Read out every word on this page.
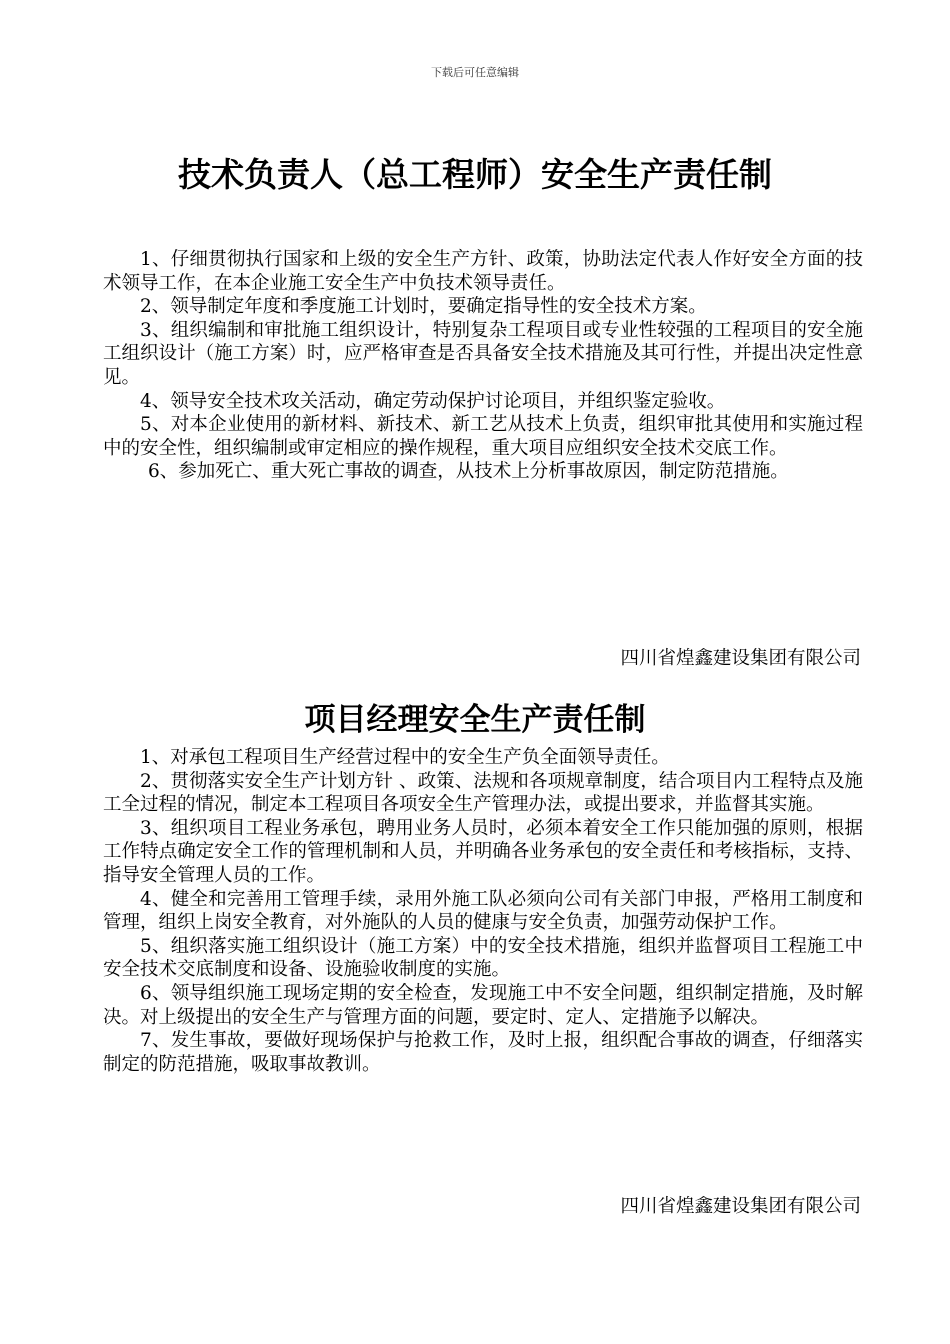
下载后可任意编辑
技术负责人（总工程师）安全生产责任制

1、仔细贯彻执行国家和上级的安全生产方针、政策，协助法定代表人作好安全方面的技术领导工作，在本企业施工安全生产中负技术领导责任。

2、领导制定年度和季度施工计划时，要确定指导性的安全技术方案。

3、组织编制和审批施工组织设计，特别复杂工程项目或专业性较强的工程项目的安全施工组织设计（施工方案）时，应严格审查是否具备安全技术措施及其可行性，并提出决定性意见。

4、领导安全技术攻关活动，确定劳动保护讨论项目，并组织鉴定验收。

5、对本企业使用的新材料、新技术、新工艺从技术上负责，组织审批其使用和实施过程中的安全性，组织编制或审定相应的操作规程，重大项目应组织安全技术交底工作。

6、参加死亡、重大死亡事故的调查，从技术上分析事故原因，制定防范措施。

四川省煌鑫建设集团有限公司
项目经理安全生产责任制

1、对承包工程项目生产经营过程中的安全生产负全面领导责任。

2、贯彻落实安全生产计划方针 、政策、法规和各项规章制度，结合项目内工程特点及施工全过程的情况，制定本工程项目各项安全生产管理办法，或提出要求，并监督其实施。

3、组织项目工程业务承包，聘用业务人员时，必须本着安全工作只能加强的原则，根据工作特点确定安全工作的管理机制和人员，并明确各业务承包的安全责任和考核指标，支持、指导安全管理人员的工作。

4、健全和完善用工管理手续，录用外施工队必须向公司有关部门申报，严格用工制度和管理，组织上岗安全教育，对外施队的人员的健康与安全负责，加强劳动保护工作。

5、组织落实施工组织设计（施工方案）中的安全技术措施，组织并监督项目工程施工中安全技术交底制度和设备、设施验收制度的实施。

6、领导组织施工现场定期的安全检查，发现施工中不安全问题，组织制定措施，及时解决。对上级提出的安全生产与管理方面的问题，要定时、定人、定措施予以解决。

7、发生事故，要做好现场保护与抢救工作，及时上报，组织配合事故的调查，仔细落实制定的防范措施，吸取事故教训。

四川省煌鑫建设集团有限公司
